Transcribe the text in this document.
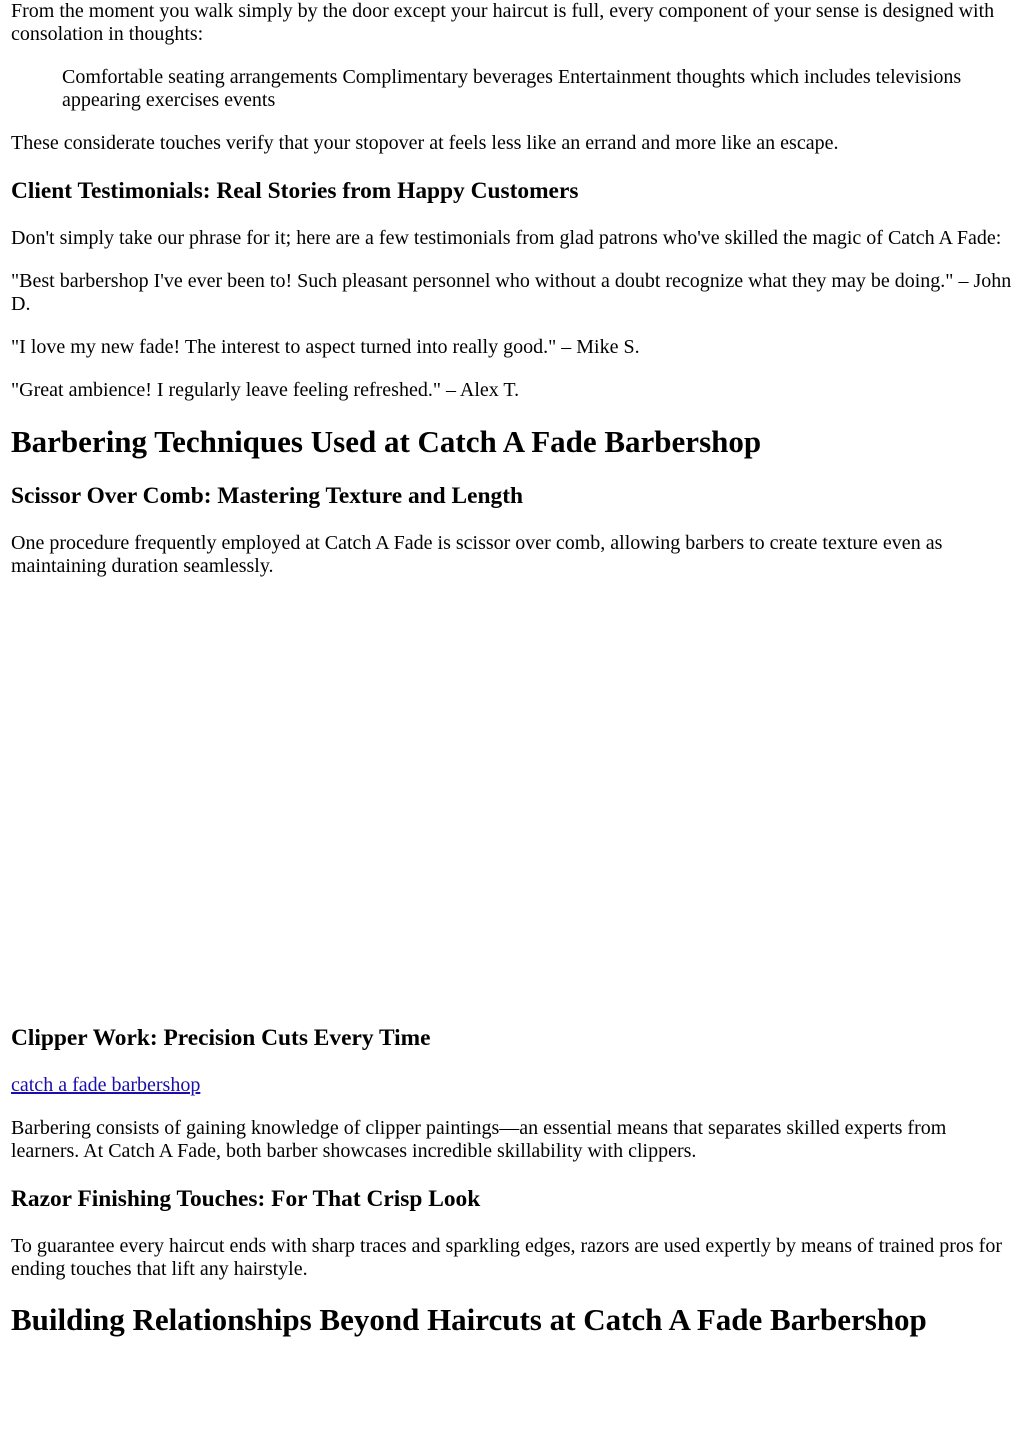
From the moment you walk simply by the door except your haircut is full, every component of your sense is designed with consolation in thoughts:

Comfortable seating arrangements Complimentary beverages Entertainment thoughts which includes televisions appearing exercises events

These considerate touches verify that your stopover at feels less like an errand and more like an escape.

Client Testimonials: Real Stories from Happy Customers

Don't simply take our phrase for it; here are a few testimonials from glad patrons who've skilled the magic of Catch A Fade:

"Best barbershop I've ever been to! Such pleasant personnel who without a doubt recognize what they may be doing." – John D.

"I love my new fade! The interest to aspect turned into really good." – Mike S.

"Great ambience! I regularly leave feeling refreshed." – Alex T.

Barbering Techniques Used at Catch A Fade Barbershop
Scissor Over Comb: Mastering Texture and Length

One procedure frequently employed at Catch A Fade is scissor over comb, allowing barbers to create texture even as maintaining duration seamlessly.

Clipper Work: Precision Cuts Every Time

catch a fade barbershop

Barbering consists of gaining knowledge of clipper paintings—an essential means that separates skilled experts from learners. At Catch A Fade, both barber showcases incredible skillability with clippers.

Razor Finishing Touches: For That Crisp Look

To guarantee every haircut ends with sharp traces and sparkling edges, razors are used expertly by means of trained pros for ending touches that lift any hairstyle.

Building Relationships Beyond Haircuts at Catch A Fade Barbershop
